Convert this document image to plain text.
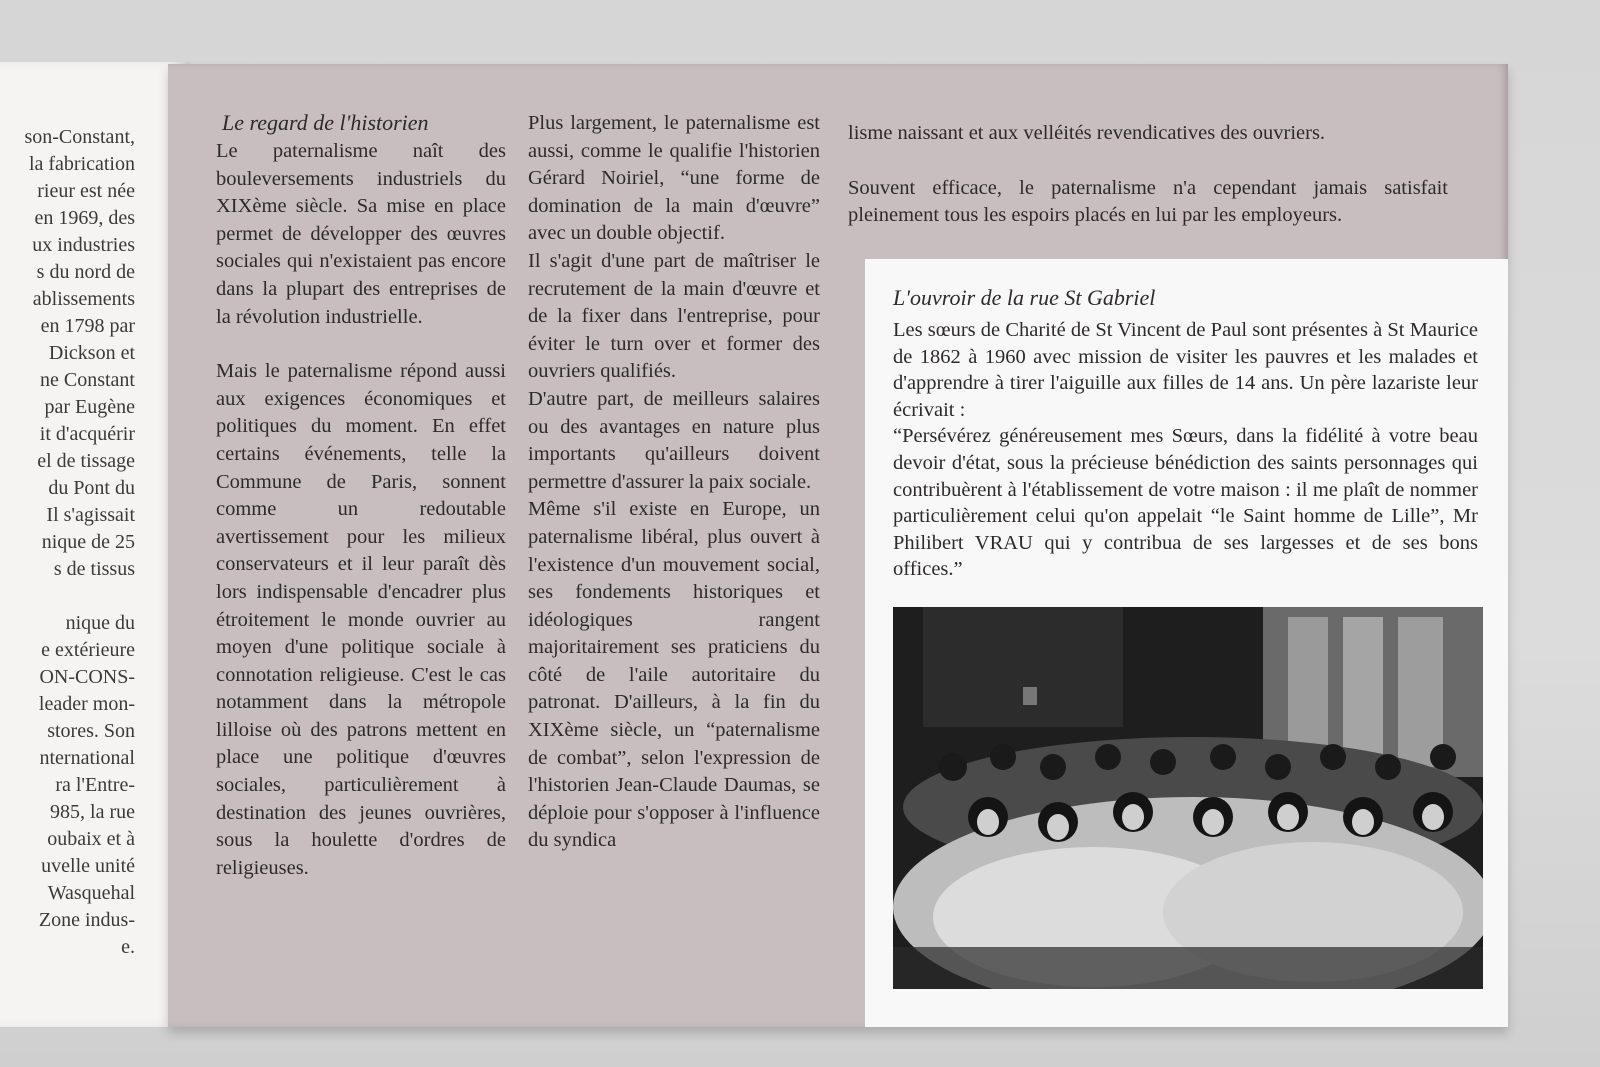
son-Constant,
la fabrication
rieur est née
en 1969, des
ux industries
s du nord de
ablissements
en 1798 par
Dickson et
ne Constant
par Eugène
it d'acquérir
el de tissage
du Pont du
Il s'agissait
nique de 25
s de tissus
nique du
e extérieure
ON-CONS-
leader mon-
stores. Son
nternational
ra l'Entre-
985, la rue
oubaix et à
uvelle unité
Wasquehal
Zone indus-
e.
Le regard de l'historien

Le paternalisme naît des bouleversements industriels du XIXème siècle. Sa mise en place permet de développer des œuvres sociales qui n'existaient pas encore dans la plupart des entreprises de la révolution industrielle.

Mais le paternalisme répond aussi aux exigences économiques et politiques du moment. En effet certains événements, telle la Commune de Paris, sonnent comme un redoutable avertissement pour les milieux conservateurs et il leur paraît dès lors indispensable d'encadrer plus étroitement le monde ouvrier au moyen d'une politique sociale à connotation religieuse. C'est le cas notamment dans la métropole lilloise où des patrons mettent en place une politique d'œuvres sociales, particulièrement à destination des jeunes ouvrières, sous la houlette d'ordres de religieuses.

Plus largement, le paternalisme est aussi, comme le qualifie l'historien Gérard Noiriel, “une forme de domination de la main d'œuvre” avec un double objectif.

Il s'agit d'une part de maîtriser le recrutement de la main d'œuvre et de la fixer dans l'entreprise, pour éviter le turn over et former des ouvriers qualifiés.

D'autre part, de meilleurs salaires ou des avantages en nature plus importants qu'ailleurs doivent permettre d'assurer la paix sociale.

Même s'il existe en Europe, un paternalisme libéral, plus ouvert à l'existence d'un mouvement social, ses fondements historiques et idéologiques rangent majoritairement ses praticiens du côté de l'aile autoritaire du patronat. D'ailleurs, à la fin du XIXème siècle, un “paternalisme de combat”, selon l'expression de l'historien Jean-Claude Daumas, se déploie pour s'opposer à l'influence du syndica

lisme naissant et aux velléités revendicatives des ouvriers.

Souvent efficace, le paternalisme n'a cependant jamais satisfait pleinement tous les espoirs placés en lui par les employeurs.

L'ouvroir de la rue St Gabriel

Les sœurs de Charité de St Vincent de Paul sont présentes à St Maurice de 1862 à 1960 avec mission de visiter les pauvres et les malades et d'apprendre à tirer l'aiguille aux filles de 14 ans. Un père lazariste leur écrivait :

“Persévérez généreusement mes Sœurs, dans la fidélité à votre beau devoir d'état, sous la précieuse bénédiction des saints personnages qui contribuèrent à l'établissement de votre maison : il me plaît de nommer particulièrement celui qu'on appelait “le Saint homme de Lille”, Mr Philibert VRAU qui y contribua de ses largesses et de ses bons offices.”
